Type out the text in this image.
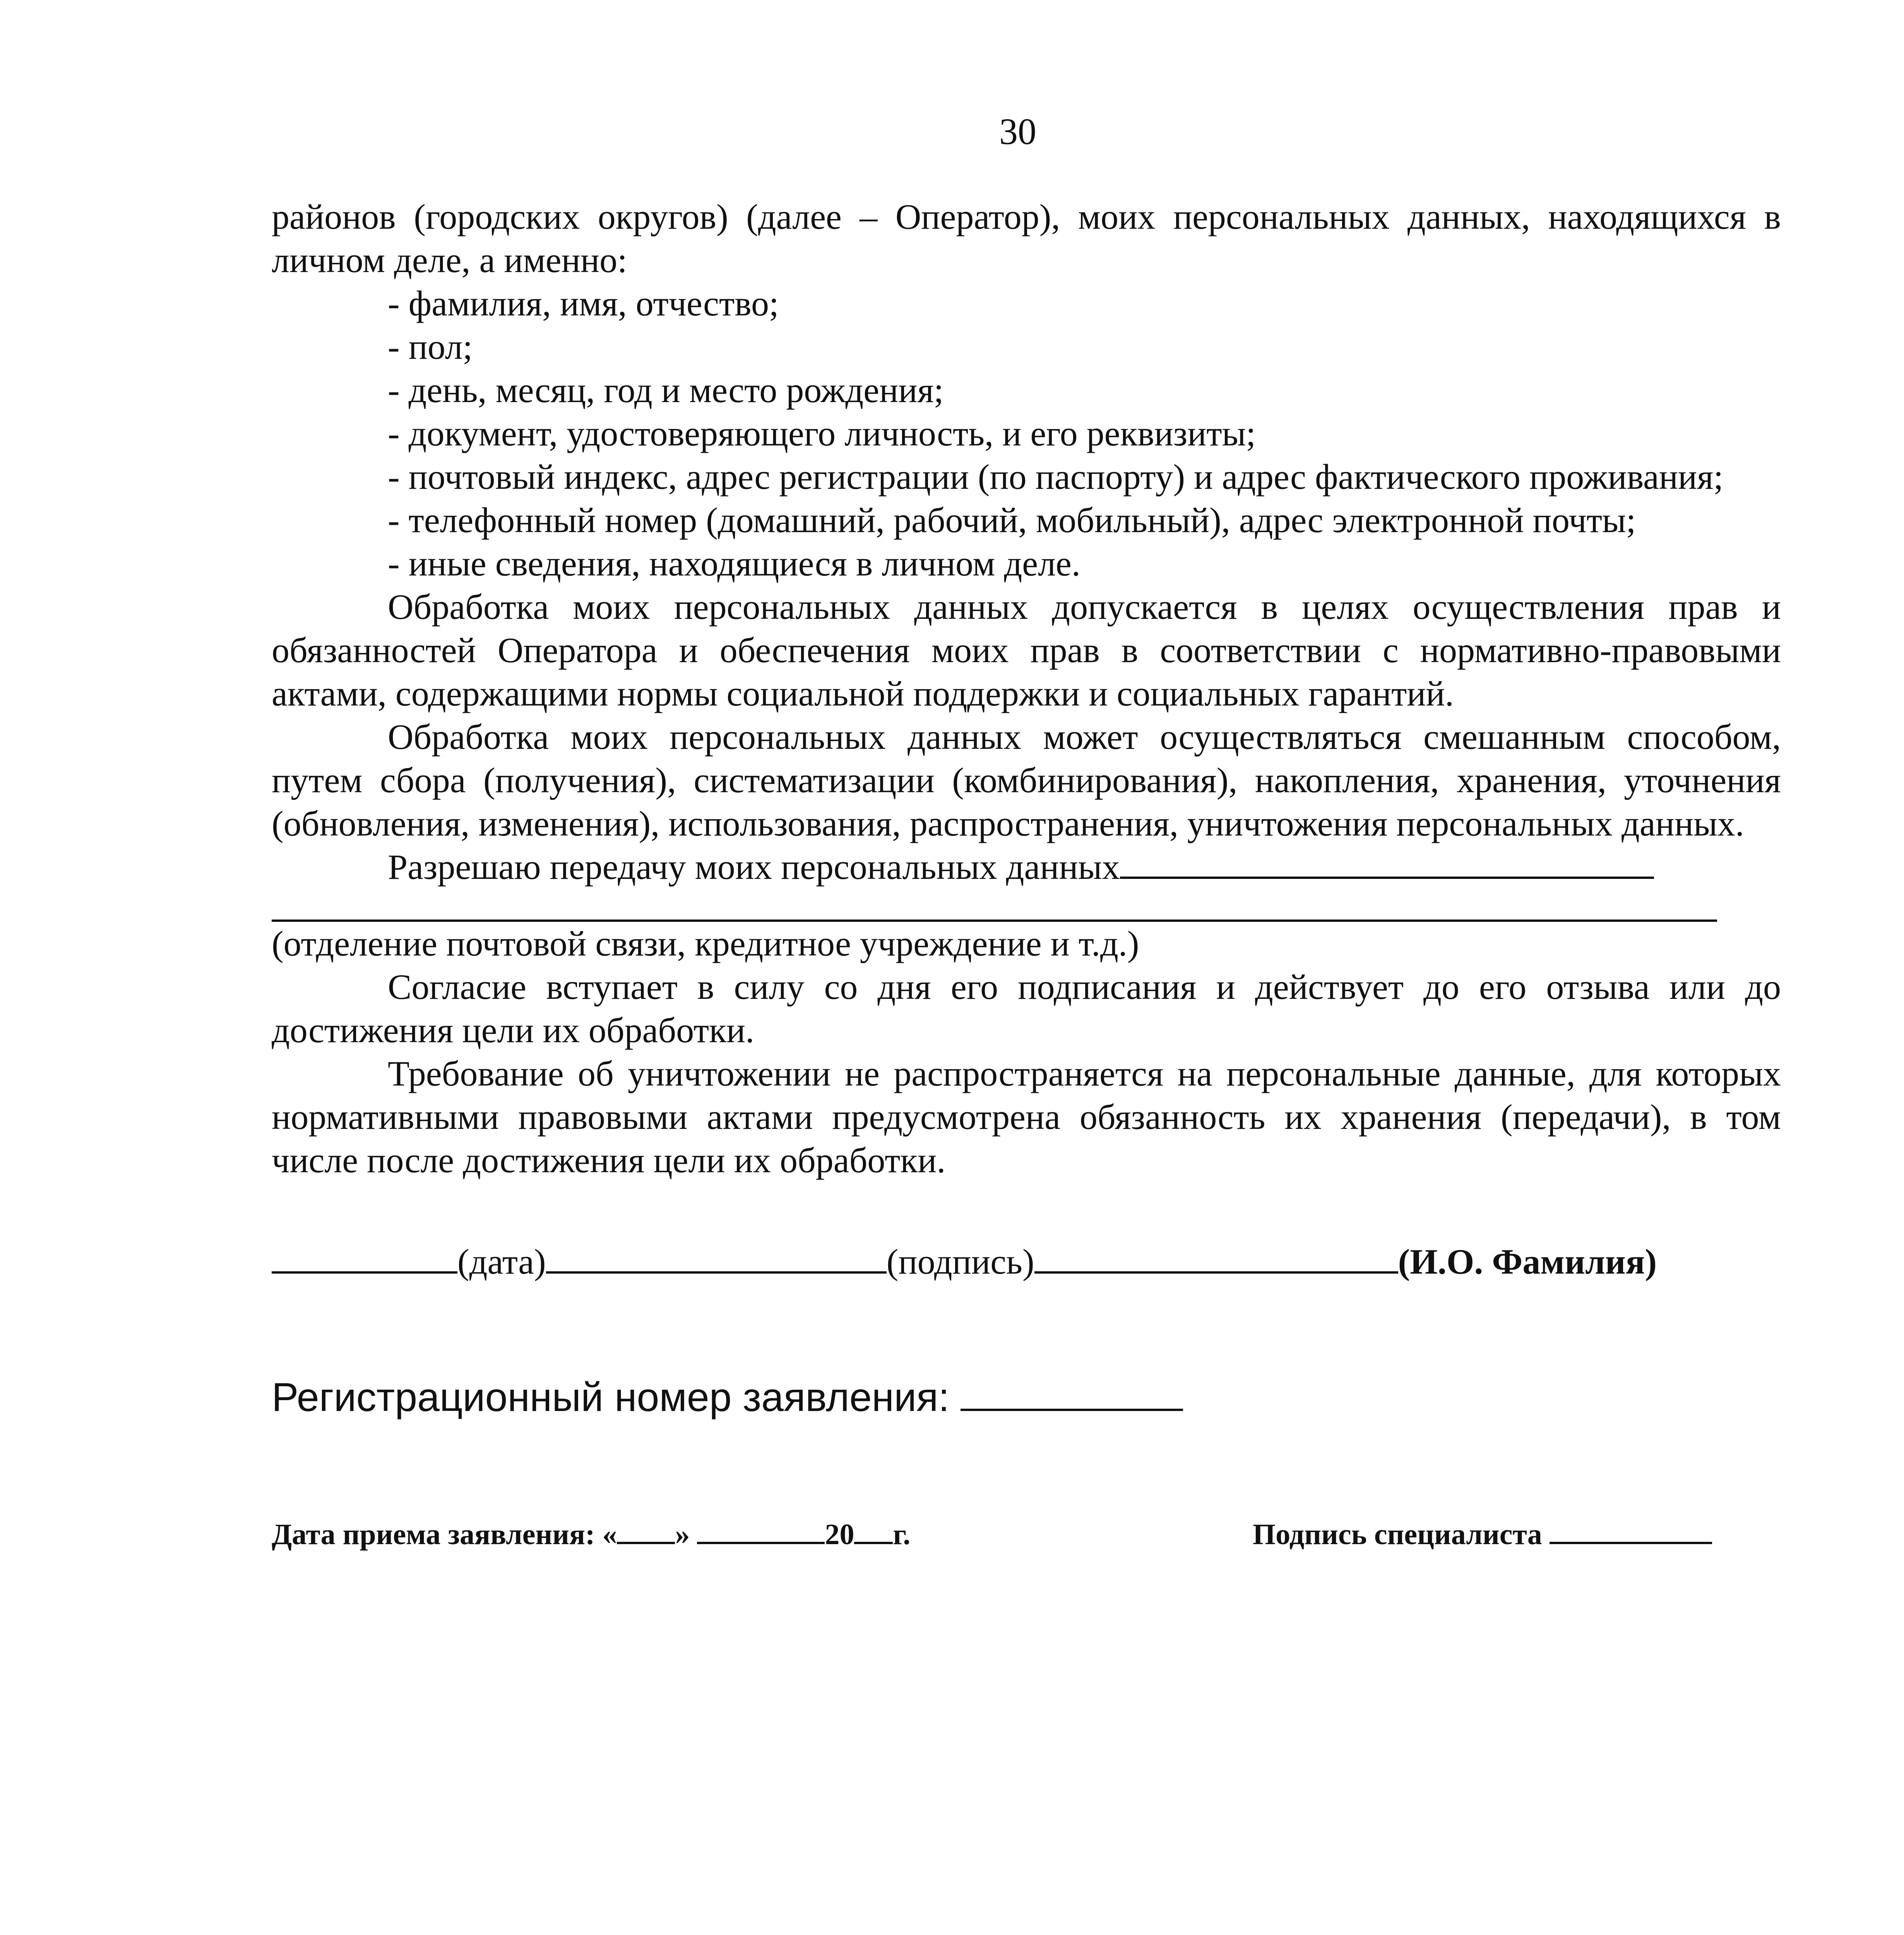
30

районов (городских округов) (далее – Оператор), моих персональных данных, находящихся в личном деле, а именно:

- фамилия, имя, отчество;

- пол;

- день, месяц, год и место рождения;

- документ, удостоверяющего личность, и его реквизиты;

- почтовый индекс, адрес регистрации (по паспорту) и адрес фактического проживания;

- телефонный номер (домашний, рабочий, мобильный), адрес электронной почты;

- иные сведения, находящиеся в личном деле.

Обработка моих персональных данных допускается в целях осуществления прав и обязанностей Оператора и обеспечения моих прав в соответствии с нормативно-правовыми актами, содержащими нормы социальной поддержки и социальных гарантий.

Обработка моих персональных данных может осуществляться смешанным способом, путем сбора (получения), систематизации (комбинирования), накопления, хранения, уточнения (обновления, изменения), использования, распространения, уничтожения персональных данных.

Разрешаю передачу моих персональных данных

(отделение почтовой связи, кредитное учреждение и т.д.)

Согласие вступает в силу со дня его подписания и действует до его отзыва или до достижения цели их обработки.

Требование об уничтожении не распространяется на персональные данные, для которых нормативными правовыми актами предусмотрена обязанность их хранения (передачи), в том числе после достижения цели их обработки.

(дата)	(подпись)	(И.О. Фамилия)
Регистрационный номер заявления:
Дата приема заявления: « »	20 г.	Подпись специалиста
